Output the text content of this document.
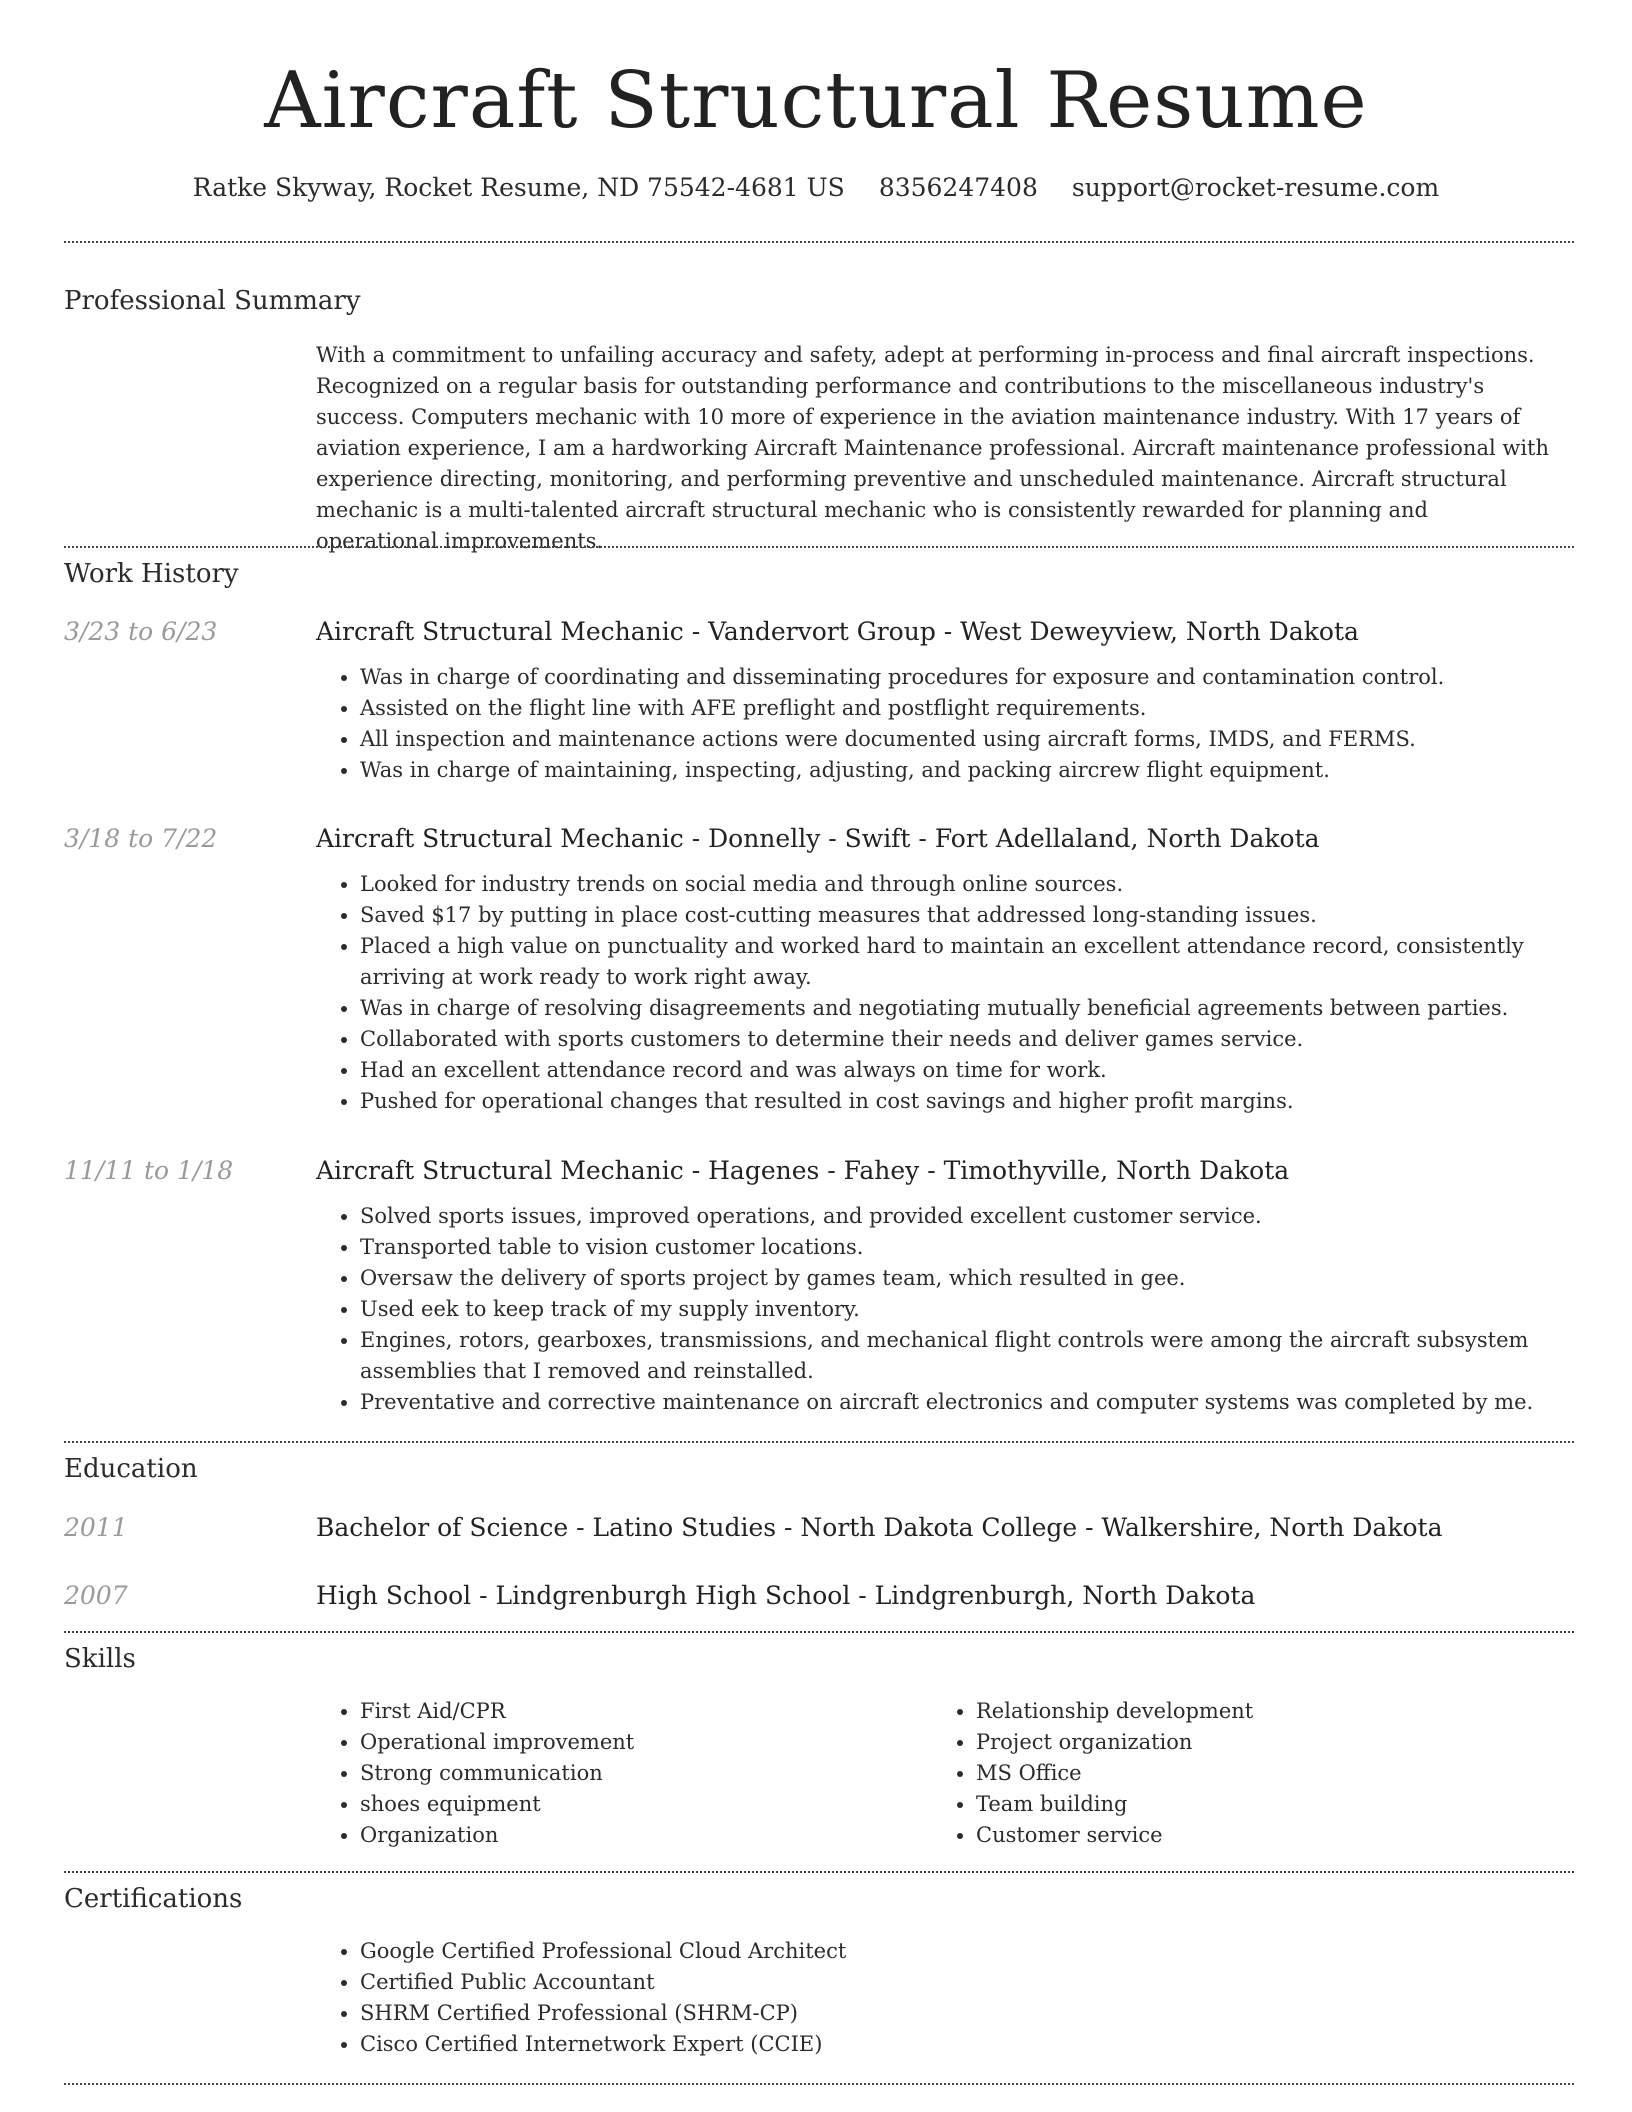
Aircraft Structural Resume
Ratke Skyway, Rocket Resume, ND 75542-4681 US 8356247408 support@rocket-resume.com
Professional Summary

With a commitment to unfailing accuracy and safety, adept at performing in-process and final aircraft inspections. Recognized on a regular basis for outstanding performance and contributions to the miscellaneous industry's success. Computers mechanic with 10 more of experience in the aviation maintenance industry. With 17 years of aviation experience, I am a hardworking Aircraft Maintenance professional. Aircraft maintenance professional with experience directing, monitoring, and performing preventive and unscheduled maintenance. Aircraft structural mechanic is a multi-talented aircraft structural mechanic who is consistently rewarded for planning and operational improvements.

Work History
3/23 to 6/23	Aircraft Structural Mechanic - Vandervort Group - West Deweyview, North Dakota
• Was in charge of coordinating and disseminating procedures for exposure and contamination control.
• Assisted on the flight line with AFE preflight and postflight requirements.
• All inspection and maintenance actions were documented using aircraft forms, IMDS, and FERMS.
• Was in charge of maintaining, inspecting, adjusting, and packing aircrew flight equipment.
3/18 to 7/22	Aircraft Structural Mechanic - Donnelly - Swift - Fort Adellaland, North Dakota
• Looked for industry trends on social media and through online sources.
• Saved $17 by putting in place cost-cutting measures that addressed long-standing issues.
• Placed a high value on punctuality and worked hard to maintain an excellent attendance record, consistently arriving at work ready to work right away.
• Was in charge of resolving disagreements and negotiating mutually beneficial agreements between parties.
• Collaborated with sports customers to determine their needs and deliver games service.
• Had an excellent attendance record and was always on time for work.
• Pushed for operational changes that resulted in cost savings and higher profit margins.
11/11 to 1/18	Aircraft Structural Mechanic - Hagenes - Fahey - Timothyville, North Dakota
• Solved sports issues, improved operations, and provided excellent customer service.
• Transported table to vision customer locations.
• Oversaw the delivery of sports project by games team, which resulted in gee.
• Used eek to keep track of my supply inventory.
• Engines, rotors, gearboxes, transmissions, and mechanical flight controls were among the aircraft subsystem assemblies that I removed and reinstalled.
• Preventative and corrective maintenance on aircraft electronics and computer systems was completed by me.
Education
2011	Bachelor of Science - Latino Studies - North Dakota College - Walkershire, North Dakota
2007	High School - Lindgrenburgh High School - Lindgrenburgh, North Dakota
Skills
• First Aid/CPR
• Operational improvement
• Strong communication
• shoes equipment
• Organization
• Relationship development
• Project organization
• MS Office
• Team building
• Customer service
Certifications
• Google Certified Professional Cloud Architect
• Certified Public Accountant
• SHRM Certified Professional (SHRM-CP)
• Cisco Certified Internetwork Expert (CCIE)
